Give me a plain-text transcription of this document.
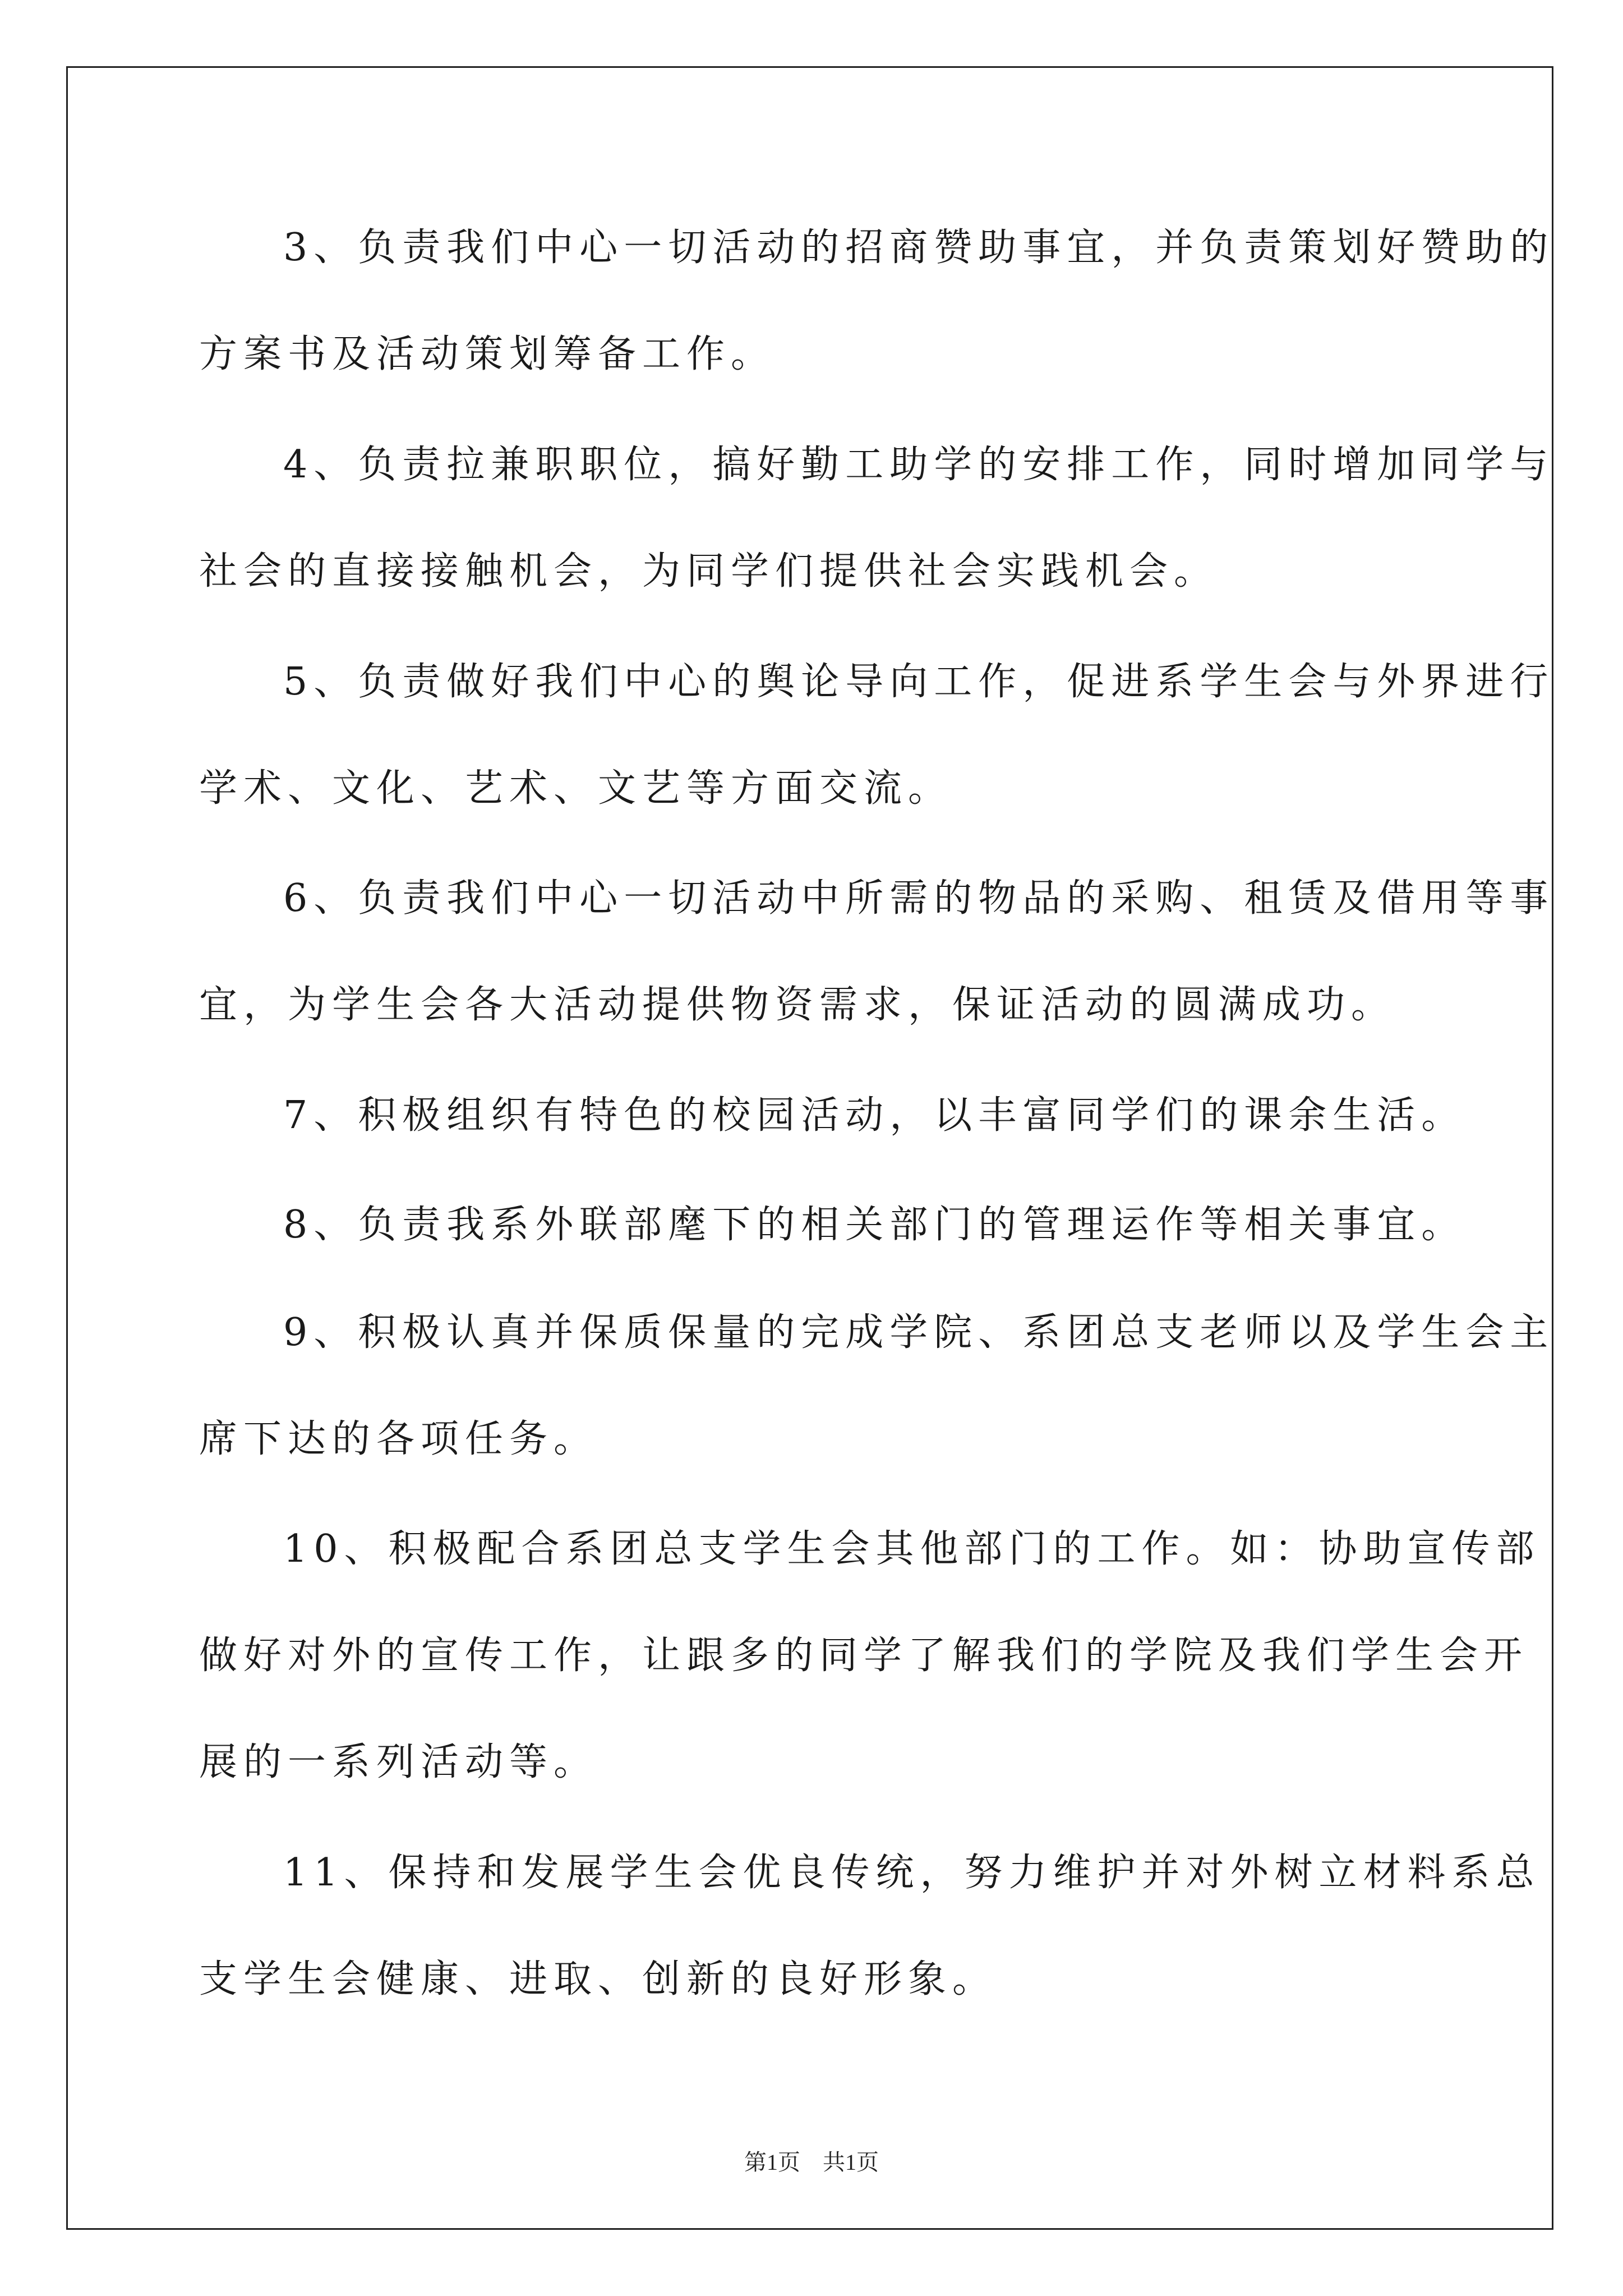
3、负责我们中心一切活动的招商赞助事宜，并负责策划好赞助的
方案书及活动策划筹备工作。
4、负责拉兼职职位，搞好勤工助学的安排工作，同时增加同学与
社会的直接接触机会，为同学们提供社会实践机会。
5、负责做好我们中心的舆论导向工作，促进系学生会与外界进行
学术、文化、艺术、文艺等方面交流。
6、负责我们中心一切活动中所需的物品的采购、租赁及借用等事
宜，为学生会各大活动提供物资需求，保证活动的圆满成功。
7、积极组织有特色的校园活动，以丰富同学们的课余生活。
8、负责我系外联部麾下的相关部门的管理运作等相关事宜。
9、积极认真并保质保量的完成学院、系团总支老师以及学生会主
席下达的各项任务。
10、积极配合系团总支学生会其他部门的工作。如：协助宣传部
做好对外的宣传工作，让跟多的同学了解我们的学院及我们学生会开
展的一系列活动等。
11、保持和发展学生会优良传统，努力维护并对外树立材料系总
支学生会健康、进取、创新的良好形象。
第1页　共1页
